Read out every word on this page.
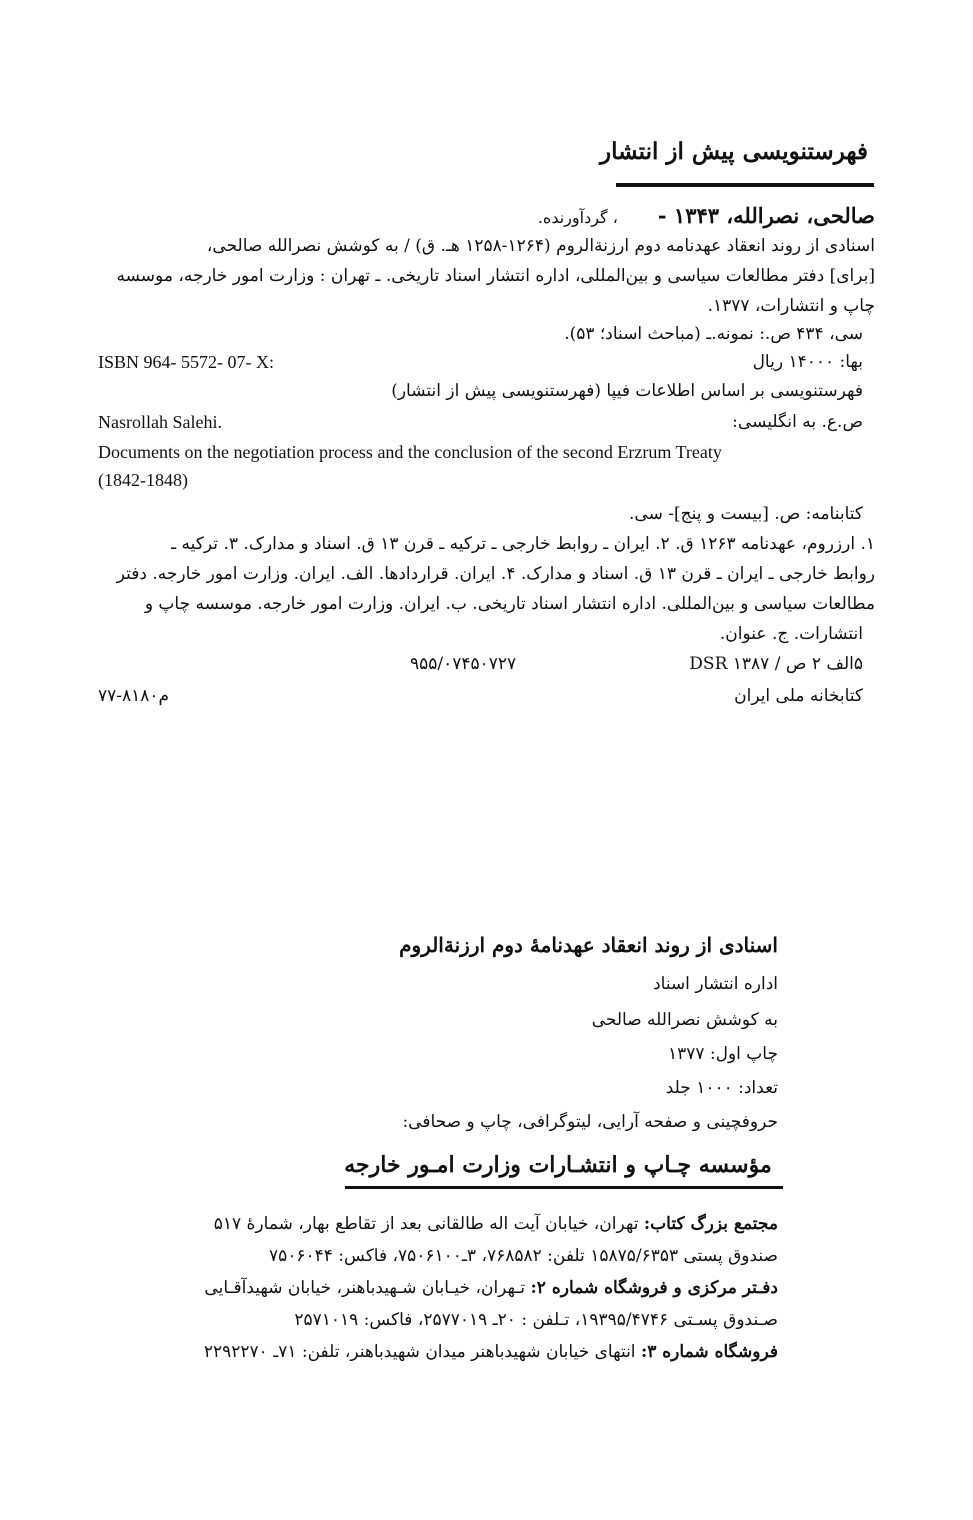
فهرستنویسی پیش از انتشار
صالحی، نصرالله، ۱۳۴۳ -، گردآورنده.
اسنادی از روند انعقاد عهدنامه دوم ارزنةالروم (۱۲۶۴-۱۲۵۸ هـ. ق) / به کوشش نصرالله صالحی،
[برای] دفتر مطالعات سیاسی و بین‌المللی، اداره انتشار اسناد تاریخی. ـ تهران : وزارت امور خارجه، موسسه
چاپ و انتشارات، ۱۳۷۷.
سی، ۴۳۴ ص.: نمونه.ـ (مباحث اسناد؛ ۵۳).
بها: ۱۴۰۰۰ ریال
ISBN 964- 5572- 07- X:
فهرستنویسی بر اساس اطلاعات فیپا (فهرستنویسی پیش از انتشار)
ص.ع. به انگلیسی:
Nasrollah Salehi.
Documents on the negotiation process and the conclusion of the second Erzrum Treaty
(1842-1848)
کتابنامه: ص. [بیست و پنج]- سی.
۱. ارزروم، عهدنامه ۱۲۶۳ ق. ۲. ایران ـ روابط خارجی ـ ترکیه ـ قرن ۱۳ ق. اسناد و مدارک. ۳. ترکیه ـ
روابط خارجی ـ ایران ـ قرن ۱۳ ق. اسناد و مدارک. ۴. ایران. قراردادها. الف. ایران. وزارت امور خارجه. دفتر
مطالعات سیاسی و بین‌المللی. اداره انتشار اسناد تاریخی. ب. ایران. وزارت امور خارجه. موسسه چاپ و
انتشارات. ج. عنوان.
۵الف ۲ ص / DSR ۱۳۸۷
۹۵۵/۰۷۴۵۰۷۲۷
کتابخانه ملی ایران
۷۷-۸۱۸۰م
اسنادی از روند انعقاد عهدنامهٔ دوم ارزنةالروم
اداره انتشار اسناد
به کوشش نصرالله صالحی
چاپ اول: ۱۳۷۷
تعداد: ۱۰۰۰ جلد
حروفچینی و صفحه آرایی، لیتوگرافی، چاپ و صحافی:
مؤسسه چـاپ و انتشـارات وزارت امـور خارجه
مجتمع بزرگ کتاب: تهران، خیابان آیت اله طالقانی بعد از تقاطع بهار، شمارهٔ ۵۱۷
صندوق پستی ۱۵۸۷۵/۶۳۵۳ تلفن: ۷۶۸۵۸۲، ۳ـ۷۵۰۶۱۰۰، فاکس: ۷۵۰۶۰۴۴
دفـتر مرکزی و فروشگاه شماره ۲: تـهران، خیـابان شـهیدباهنر، خیابان شهیدآقـایی
صـندوق پسـتی ۱۹۳۹۵/۴۷۴۶، تـلفن : ۲۰ـ ۲۵۷۷۰۱۹، فاکس: ۲۵۷۱۰۱۹
فروشگاه شماره ۳: انتهای خیابان شهیدباهنر میدان شهیدباهنر، تلفن: ۷۱ـ ۲۲۹۲۲۷۰
